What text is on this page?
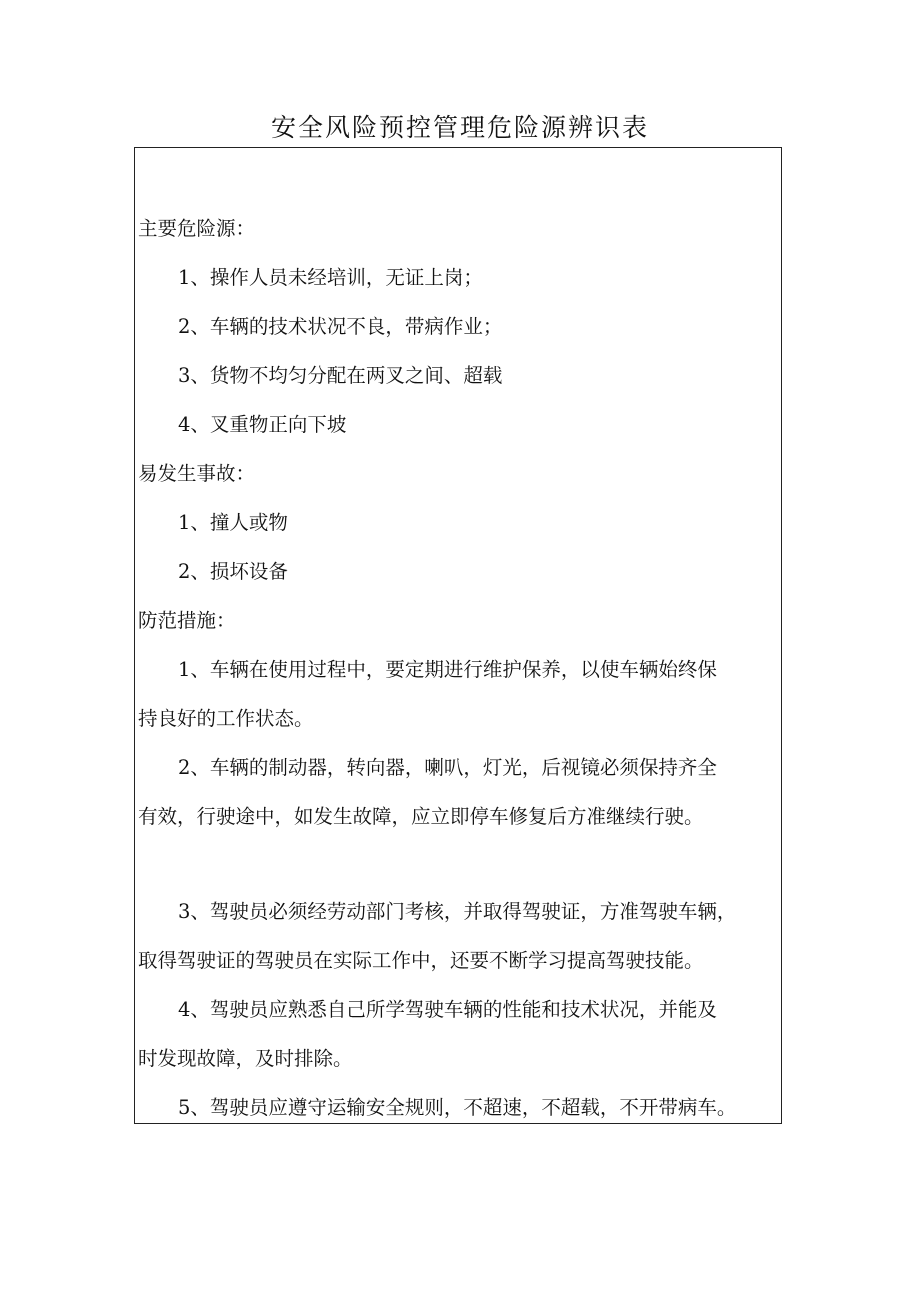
安全风险预控管理危险源辨识表
主要危险源：
1、操作人员未经培训，无证上岗；
2、车辆的技术状况不良，带病作业；
3、货物不均匀分配在两叉之间、超载
4、叉重物正向下坡
易发生事故：
1、撞人或物
2、损坏设备
防范措施：
1、车辆在使用过程中，要定期进行维护保养，以使车辆始终保
持良好的工作状态。
2、车辆的制动器，转向器，喇叭，灯光，后视镜必须保持齐全
有效，行驶途中，如发生故障，应立即停车修复后方准继续行驶。
3、驾驶员必须经劳动部门考核，并取得驾驶证，方准驾驶车辆，
取得驾驶证的驾驶员在实际工作中，还要不断学习提高驾驶技能。
4、驾驶员应熟悉自己所学驾驶车辆的性能和技术状况，并能及
时发现故障，及时排除。
5、驾驶员应遵守运输安全规则，不超速，不超载，不开带病车。
